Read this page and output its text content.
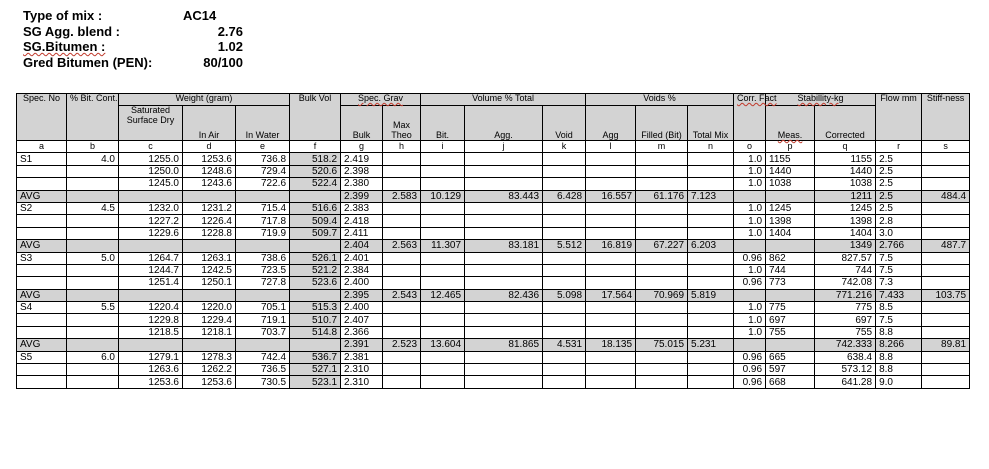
Type of mix :	AC14
SG Agg. blend :	2.76
SG.Bitumen :	1.02
Gred Bitumen (PEN):	80/100
Spec. No	% Bit. Cont.	Weight (gram)			Bulk Vol	Spec. Grav		Volume % Total			Voids %			Corr. Fact	Stabillity-kg		Flow mm	Stiff-ness
		Saturated Surface Dry	In Air	In Water		Bulk	Max Theo	Bit.	Agg.	Void	Agg	Filled (Bit)	Total Mix		Meas.	Corrected		
a	b	c	d	e	f	g	h	i	j	k	l	m	n	o	p	q	r	s
S1	4.0	1255.0	1253.6	736.8	518.2	2.419								1.0	1155	1155	2.5	
		1250.0	1248.6	729.4	520.6	2.398								1.0	1440	1440	2.5	
		1245.0	1243.6	722.6	522.4	2.380								1.0	1038	1038	2.5	
AVG						2.399	2.583	10.129	83.443	6.428	16.557	61.176	7.123			1211	2.5	484.4
S2	4.5	1232.0	1231.2	715.4	516.6	2.383								1.0	1245	1245	2.5	
		1227.2	1226.4	717.8	509.4	2.418								1.0	1398	1398	2.8	
		1229.6	1228.8	719.9	509.7	2.411								1.0	1404	1404	3.0	
AVG						2.404	2.563	11.307	83.181	5.512	16.819	67.227	6.203			1349	2.766	487.7
S3	5.0	1264.7	1263.1	738.6	526.1	2.401								0.96	862	827.57	7.5	
		1244.7	1242.5	723.5	521.2	2.384								1.0	744	744	7.5	
		1251.4	1250.1	727.8	523.6	2.400								0.96	773	742.08	7.3	
AVG						2.395	2.543	12.465	82.436	5.098	17.564	70.969	5.819			771.216	7.433	103.75
S4	5.5	1220.4	1220.0	705.1	515.3	2.400								1.0	775	775	8.5	
		1229.8	1229.4	719.1	510.7	2.407								1.0	697	697	7.5	
		1218.5	1218.1	703.7	514.8	2.366								1.0	755	755	8.8	
AVG						2.391	2.523	13.604	81.865	4.531	18.135	75.015	5.231			742.333	8.266	89.81
S5	6.0	1279.1	1278.3	742.4	536.7	2.381								0.96	665	638.4	8.8	
		1263.6	1262.2	736.5	527.1	2.310								0.96	597	573.12	8.8	
		1253.6	1253.6	730.5	523.1	2.310								0.96	668	641.28	9.0	
